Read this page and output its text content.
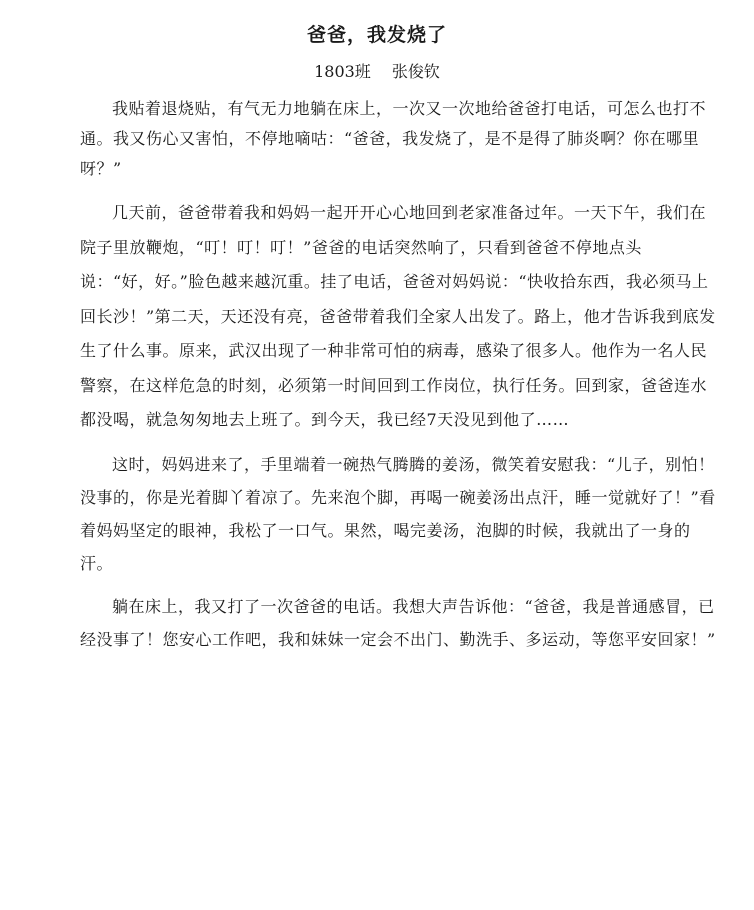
爸爸，我发烧了
1803班 张俊钦

我贴着退烧贴，有气无力地躺在床上，一次又一次地给爸爸打电话，可怎么也打不通。我又伤心又害怕，不停地嘀咕：“爸爸，我发烧了，是不是得了肺炎啊？你在哪里呀？”

几天前，爸爸带着我和妈妈一起开开心心地回到老家准备过年。一天下午，我们在院子里放鞭炮，“叮！叮！叮！”爸爸的电话突然响了，只看到爸爸不停地点头说：“好，好。”脸色越来越沉重。挂了电话，爸爸对妈妈说：“快收拾东西，我必须马上回长沙！”第二天，天还没有亮，爸爸带着我们全家人出发了。路上，他才告诉我到底发生了什么事。原来，武汉出现了一种非常可怕的病毒，感染了很多人。他作为一名人民警察，在这样危急的时刻，必须第一时间回到工作岗位，执行任务。回到家，爸爸连水都没喝，就急匆匆地去上班了。到今天，我已经7天没见到他了……

这时，妈妈进来了，手里端着一碗热气腾腾的姜汤，微笑着安慰我：“儿子，别怕！没事的，你是光着脚丫着凉了。先来泡个脚，再喝一碗姜汤出点汗，睡一觉就好了！”看着妈妈坚定的眼神，我松了一口气。果然，喝完姜汤，泡脚的时候，我就出了一身的汗。

躺在床上，我又打了一次爸爸的电话。我想大声告诉他：“爸爸，我是普通感冒，已经没事了！您安心工作吧，我和妹妹一定会不出门、勤洗手、多运动，等您平安回家！”
